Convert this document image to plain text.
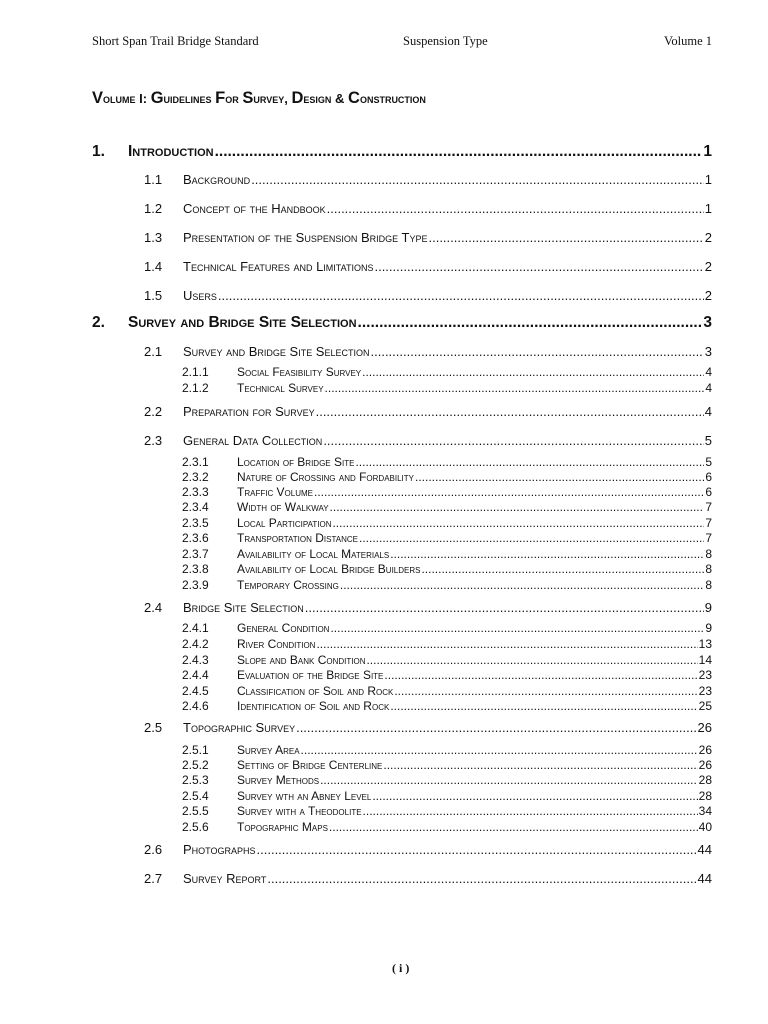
Short Span Trail Bridge Standard	Suspension Type	Volume 1
Volume I: Guidelines For Survey, Design & Construction
1. Introduction .....	1
1.1 Background .....	1
1.2 Concept of the Handbook .....	1
1.3 Presentation of the Suspension Bridge Type .....	2
1.4 Technical Features and Limitations .....	2
1.5 Users .....	2
2. Survey and Bridge Site Selection .....	3
2.1 Survey and Bridge Site Selection .....	3
2.1.1 Social Feasibility Survey .....	4
2.1.2 Technical Survey .....	4
2.2 Preparation for Survey .....	4
2.3 General Data Collection .....	5
2.3.1 Location of Bridge Site .....	5
2.3.2 Nature of Crossing and Fordability .....	6
2.3.3 Traffic Volume .....	6
2.3.4 Width of Walkway .....	7
2.3.5 Local Participation .....	7
2.3.6 Transportation Distance .....	7
2.3.7 Availability of Local Materials .....	8
2.3.8 Availability of Local Bridge Builders .....	8
2.3.9 Temporary Crossing .....	8
2.4 Bridge Site Selection .....	9
2.4.1 General Condition .....	9
2.4.2 River Condition .....	13
2.4.3 Slope and Bank Condition .....	14
2.4.4 Evaluation of the Bridge Site .....	23
2.4.5 Classification of Soil and Rock .....	23
2.4.6 Identification of Soil and Rock .....	25
2.5 Topographic Survey .....	26
2.5.1 Survey Area .....	26
2.5.2 Setting of Bridge Centerline .....	26
2.5.3 Survey Methods .....	28
2.5.4 Survey wth an Abney Level .....	28
2.5.5 Survey with a Theodolite .....	34
2.5.6 Topographic Maps .....	40
2.6 Photographs .....	44
2.7 Survey Report .....	44
( i )
